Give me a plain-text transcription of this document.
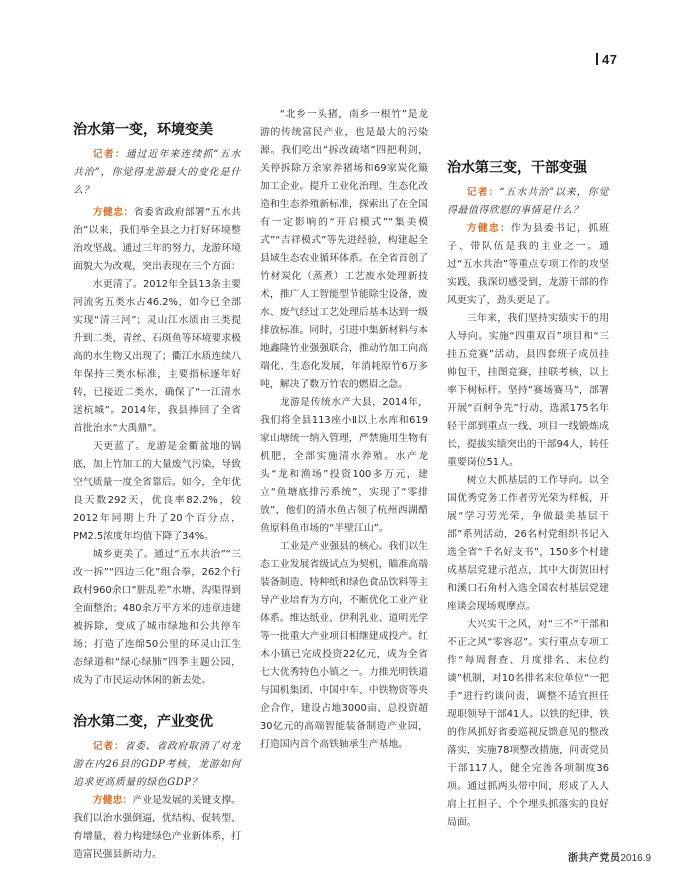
47
治水第一变，环境变美
记者：通过近年来连续抓“五水共治”，你觉得龙游最大的变化是什么？

方健忠：省委省政府部署“五水共治”以来，我们举全县之力打好环境整治攻坚战。通过三年的努力，龙游环境面貌大为改观，突出表现在三个方面：

水更清了。2012年全县13条主要河流劣五类水占46.2%，如今已全部实现“清三河”；灵山江水质由三类提升到二类，青丝、石斑鱼等环境要求极高的水生物又出现了；衢江水质连续八年保持三类水标准，主要指标逐年好转，已接近二类水，确保了“一江清水送杭城”。2014年，我县捧回了全省首批治水“大禹鼎”。

天更蓝了。龙游是金衢盆地的锅底，加上竹加工的大量废气污染，导致空气质量一度全省靠后。如今，全年优良天数292天，优良率82.2%，较2012年同期上升了20个百分点，PM2.5浓度年均值下降了34%。

城乡更美了。通过“五水共治”“三改一拆”“四边三化”组合拳，262个行政村960余口“脏乱差”水塘、沟渠得到全面整治；480余万平方米的违章违建被拆除，变成了城市绿地和公共停车场；打造了连绵50公里的环灵山江生态绿道和“绿心绿肺”四季主题公园，成为了市民运动休闲的新去处。

治水第二变，产业变优
记者：省委、省政府取消了对龙游在内26县的GDP考核，龙游如何追求更高质量的绿色GDP？

方健忠：产业是发展的关键支撑。我们以治水强倒逼，优结构、促转型、育增量，着力构建绿色产业新体系，打造富民强县新动力。

“北乡一头猪，南乡一根竹”是龙游的传统富民产业，也是最大的污染源。我们吃出“拆改疏堵”四把利剑，关停拆除万余家养猪场和69家炭化簸加工企业。提升工业化治理、生态化改造和生态养殖新标准，探索出了在全国有一定影响的“开启模式”“集美模式”“吉祥模式”等先进经验，构建起全县域生态农业循环体系。在全省首创了竹材炭化（蒸煮）工艺废水处理新技术，推广人工智能型节能除尘设备，废水、废气经过工艺处理后基本达到一级排放标准。同时，引进中集新材料与本地鑫隆竹业强强联合，推动竹加工向高端化、生态化发展，年消耗原竹6万多吨，解决了数万竹农的燃眉之急。

龙游是传统水产大县，2014年，我们将全县113座小Ⅱ以上水库和619家山塘统一纳入管理，严禁施用生物有机肥，全部实施清水养殖。水产龙头“龙和渔场”投资100多万元，建立“鱼塘底排污系统”，实现了“零排放”，他们的清水鱼占领了杭州西湖醋鱼原料鱼市场的“半壁江山”。

工业是产业强县的核心。我们以生态工业发展省级试点为契机，瞄准高端装备制造、特种纸和绿色食品饮料等主导产业培育为方向，不断优化工业产业体系。维达纸业、伊利乳业、道明光学等一批重大产业项目相继建成投产。红木小镇已完成投资22亿元，成为全省七大优秀特色小镇之一。力推光明铁道与国机集团、中国中车、中铁物资等央企合作，建设占地3000亩、总投资超30亿元的高端智能装备制造产业园，打造国内首个高铁轴承生产基地。

治水第三变，干部变强
记者：“五水共治”以来，你觉得最值得欣慰的事情是什么？

方健忠：作为县委书记，抓班子、带队伍是我的主业之一。通过“五水共治”等重点专项工作的攻坚实践，我深切感受到，龙游干部的作风更实了，劲头更足了。

三年来，我们坚持实绩实干的用人导向。实施“四重双百”项目和“三挂五竞赛”活动，县四套班子成员挂帅包干，挂图竞赛，挂联考核，以上率下树标杆。坚持“赛场赛马”，部署开展“百舸争先”行动，选派175名年轻干部到重点一线、项目一线锻炼成长，提拔实绩突出的干部94人，转任重要岗位51人。

树立大抓基层的工作导向。以全国优秀党务工作者劳光荣为样板，开展“学习劳光荣，争做最美基层干部”系列活动，26名村党组织书记入选全省“千名好支书”，150多个村建成基层党建示范点，其中大街贺田村和溪口石角村入选全国农村基层党建座谈会现场观摩点。

大兴实干之风，对“三不”干部和不正之风“零容忍”。实行重点专项工作“每周督查、月度排名、末位约谈”机制，对10名排名末位单位“一把手”进行约谈问责，调整不适宜担任现职领导干部41人。以铁的纪律、铁的作风抓好省委巡视反馈意见的整改落实，实施78项整改措施，问责党员干部117人，健全完善各项制度36项。通过抓两头带中间，形成了人人肩上扛担子、个个埋头抓落实的良好局面。

浙共产党员2016.9
